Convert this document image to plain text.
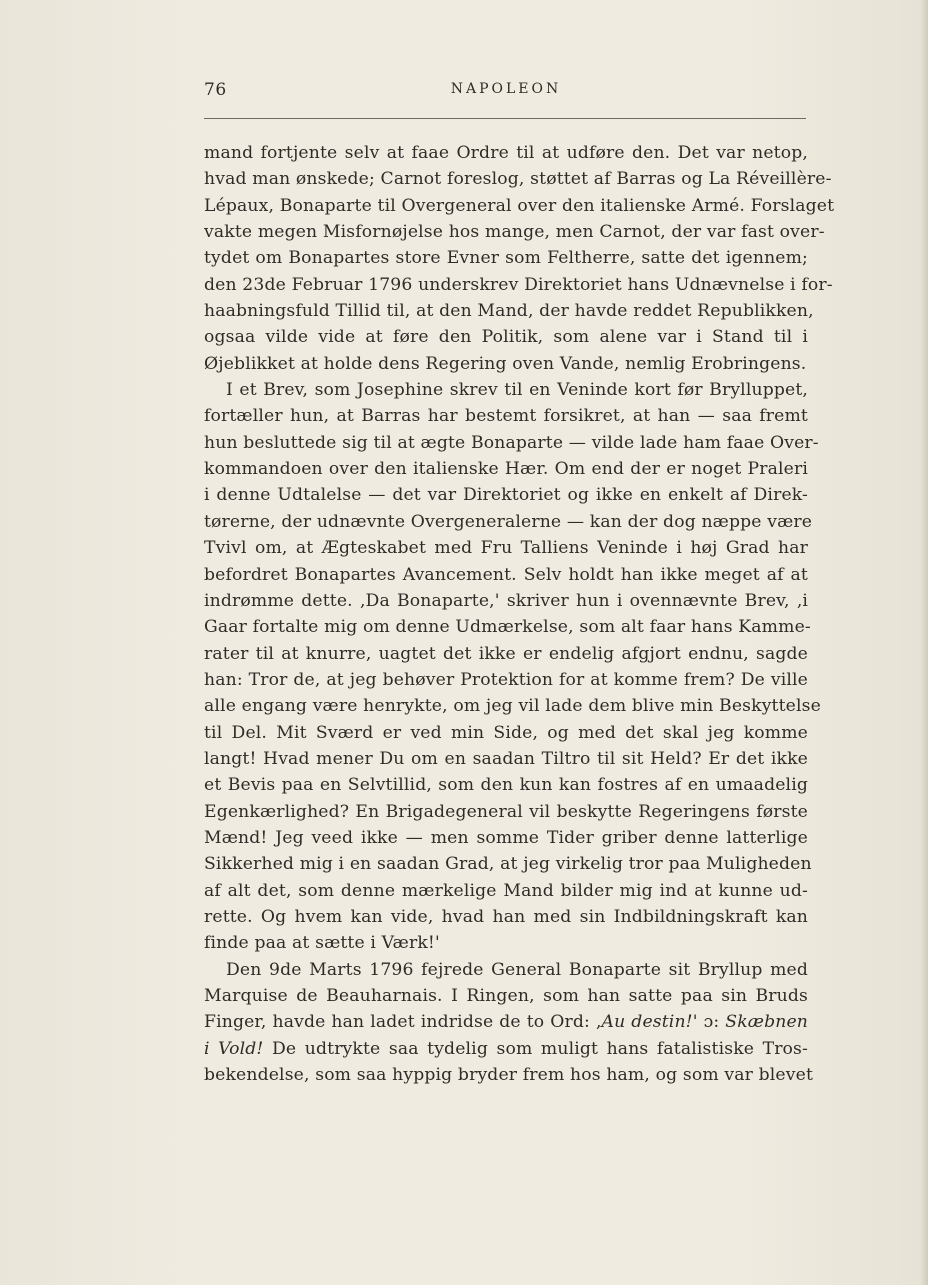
76	NAPOLEON
mand fortjente selv at faae Ordre til at udføre den. Det var netop,
hvad man ønskede; Carnot foreslog, støttet af Barras og La Réveillère-
Lépaux, Bonaparte til Overgeneral over den italienske Armé. Forslaget
vakte megen Misfornøjelse hos mange, men Carnot, der var fast over-
tydet om Bonapartes store Evner som Feltherre, satte det igennem;
den 23de Februar 1796 underskrev Direktoriet hans Udnævnelse i for-
haabningsfuld Tillid til, at den Mand, der havde reddet Republikken,
ogsaa vilde vide at føre den Politik, som alene var i Stand til i
Øjeblikket at holde dens Regering oven Vande, nemlig Erobringens.
I et Brev, som Josephine skrev til en Veninde kort før Brylluppet,
fortæller hun, at Barras har bestemt forsikret, at han — saa fremt
hun besluttede sig til at ægte Bonaparte — vilde lade ham faae Over-
kommandoen over den italienske Hær. Om end der er noget Praleri
i denne Udtalelse — det var Direktoriet og ikke en enkelt af Direk-
tørerne, der udnævnte Overgeneralerne — kan der dog næppe være
Tvivl om, at Ægteskabet med Fru Talliens Veninde i høj Grad har
befordret Bonapartes Avancement. Selv holdt han ikke meget af at
indrømme dette. ‚Da Bonaparte,' skriver hun i ovennævnte Brev, ‚i
Gaar fortalte mig om denne Udmærkelse, som alt faar hans Kamme-
rater til at knurre, uagtet det ikke er endelig afgjort endnu, sagde
han: Tror de, at jeg behøver Protektion for at komme frem? De ville
alle engang være henrykte, om jeg vil lade dem blive min Beskyttelse
til Del. Mit Sværd er ved min Side, og med det skal jeg komme
langt! Hvad mener Du om en saadan Tiltro til sit Held? Er det ikke
et Bevis paa en Selvtillid, som den kun kan fostres af en umaadelig
Egenkærlighed? En Brigadegeneral vil beskytte Regeringens første
Mænd! Jeg veed ikke — men somme Tider griber denne latterlige
Sikkerhed mig i en saadan Grad, at jeg virkelig tror paa Muligheden
af alt det, som denne mærkelige Mand bilder mig ind at kunne ud-
rette. Og hvem kan vide, hvad han med sin Indbildningskraft kan
finde paa at sætte i Værk!'
Den 9de Marts 1796 fejrede General Bonaparte sit Bryllup med
Marquise de Beauharnais. I Ringen, som han satte paa sin Bruds
Finger, havde han ladet indridse de to Ord: ‚Au destin!' ɔ: Skæbnen
i Vold! De udtrykte saa tydelig som muligt hans fatalistiske Tros-
bekendelse, som saa hyppig bryder frem hos ham, og som var blevet
